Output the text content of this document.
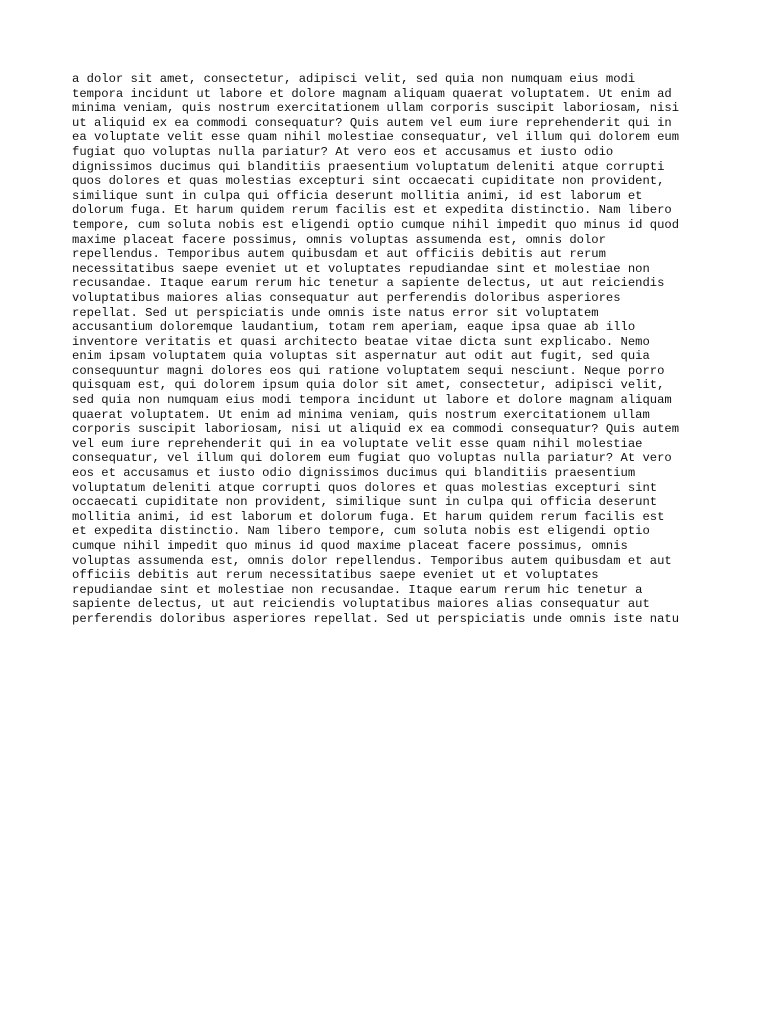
a dolor sit amet, consectetur, adipisci velit, sed quia non numquam eius modi
tempora incidunt ut labore et dolore magnam aliquam quaerat voluptatem. Ut enim ad
minima veniam, quis nostrum exercitationem ullam corporis suscipit laboriosam, nisi
ut aliquid ex ea commodi consequatur? Quis autem vel eum iure reprehenderit qui in
ea voluptate velit esse quam nihil molestiae consequatur, vel illum qui dolorem eum
fugiat quo voluptas nulla pariatur? At vero eos et accusamus et iusto odio
dignissimos ducimus qui blanditiis praesentium voluptatum deleniti atque corrupti
quos dolores et quas molestias excepturi sint occaecati cupiditate non provident,
similique sunt in culpa qui officia deserunt mollitia animi, id est laborum et
dolorum fuga. Et harum quidem rerum facilis est et expedita distinctio. Nam libero
tempore, cum soluta nobis est eligendi optio cumque nihil impedit quo minus id quod
maxime placeat facere possimus, omnis voluptas assumenda est, omnis dolor
repellendus. Temporibus autem quibusdam et aut officiis debitis aut rerum
necessitatibus saepe eveniet ut et voluptates repudiandae sint et molestiae non
recusandae. Itaque earum rerum hic tenetur a sapiente delectus, ut aut reiciendis
voluptatibus maiores alias consequatur aut perferendis doloribus asperiores
repellat. Sed ut perspiciatis unde omnis iste natus error sit voluptatem
accusantium doloremque laudantium, totam rem aperiam, eaque ipsa quae ab illo
inventore veritatis et quasi architecto beatae vitae dicta sunt explicabo. Nemo
enim ipsam voluptatem quia voluptas sit aspernatur aut odit aut fugit, sed quia
consequuntur magni dolores eos qui ratione voluptatem sequi nesciunt. Neque porro
quisquam est, qui dolorem ipsum quia dolor sit amet, consectetur, adipisci velit,
sed quia non numquam eius modi tempora incidunt ut labore et dolore magnam aliquam
quaerat voluptatem. Ut enim ad minima veniam, quis nostrum exercitationem ullam
corporis suscipit laboriosam, nisi ut aliquid ex ea commodi consequatur? Quis autem
vel eum iure reprehenderit qui in ea voluptate velit esse quam nihil molestiae
consequatur, vel illum qui dolorem eum fugiat quo voluptas nulla pariatur? At vero
eos et accusamus et iusto odio dignissimos ducimus qui blanditiis praesentium
voluptatum deleniti atque corrupti quos dolores et quas molestias excepturi sint
occaecati cupiditate non provident, similique sunt in culpa qui officia deserunt
mollitia animi, id est laborum et dolorum fuga. Et harum quidem rerum facilis est
et expedita distinctio. Nam libero tempore, cum soluta nobis est eligendi optio
cumque nihil impedit quo minus id quod maxime placeat facere possimus, omnis
voluptas assumenda est, omnis dolor repellendus. Temporibus autem quibusdam et aut
officiis debitis aut rerum necessitatibus saepe eveniet ut et voluptates
repudiandae sint et molestiae non recusandae. Itaque earum rerum hic tenetur a
sapiente delectus, ut aut reiciendis voluptatibus maiores alias consequatur aut
perferendis doloribus asperiores repellat. Sed ut perspiciatis unde omnis iste natu
